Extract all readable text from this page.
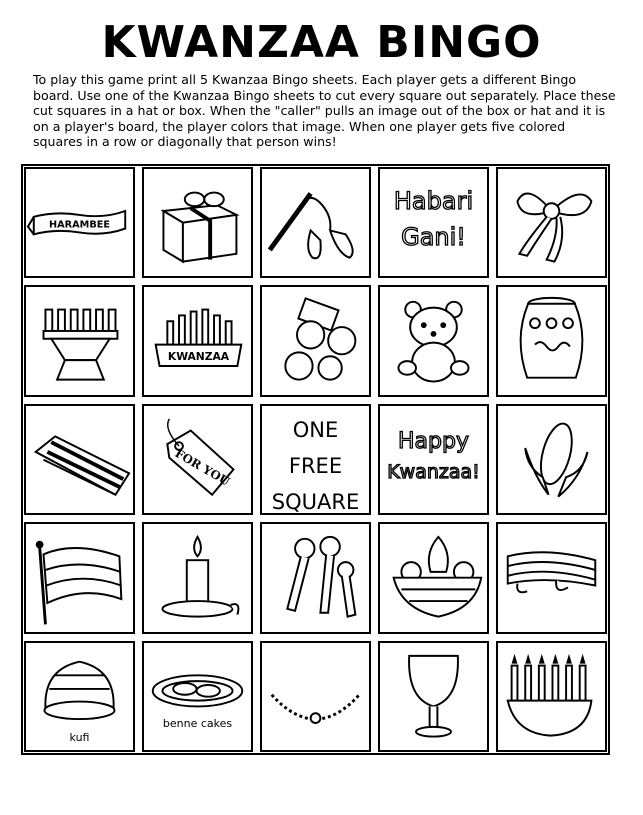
KWANZAA BINGO
To play this game print all 5 Kwanzaa Bingo sheets. Each player gets a different Bingo board. Use one of the Kwanzaa Bingo sheets to cut every square out separately. Place these cut squares in a hat or box. When the "caller" pulls an image out of the box or hat and it is on a player's board, the player colors that image. When one player gets five colored squares in a row or diagonally that person wins!
HARAMBEE
Habari
Gani!
KWANZAA
FOR YOU
ONE
FREE
SQUARE
Happy
Kwanzaa!
kufi
benne cakes
